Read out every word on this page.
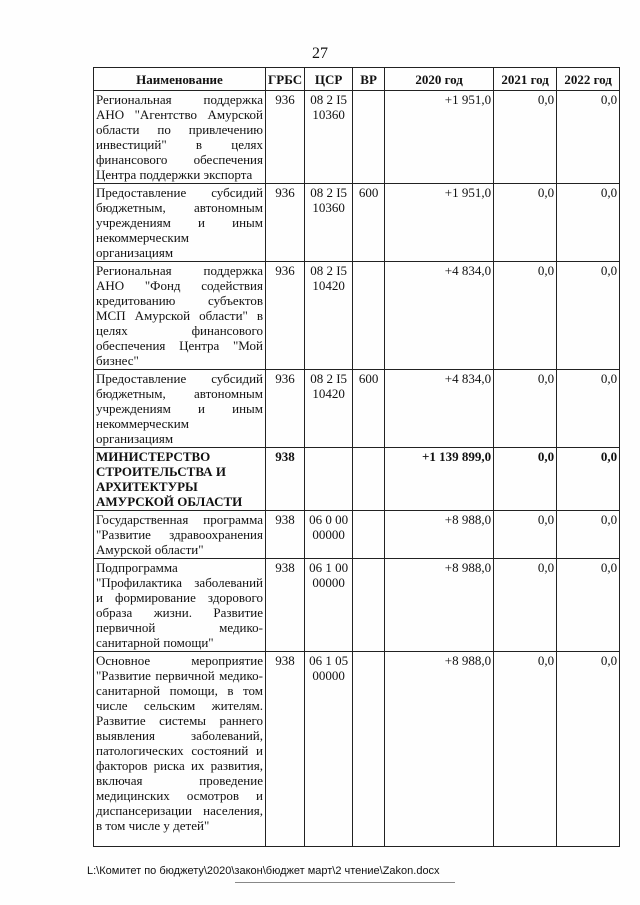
27
Наименование	ГРБС	ЦСР	ВР	2020 год	2021 год	2022 год
Региональная поддержка АНО "Агентство Амурской области по привлечению инвестиций" в целях финансового обеспечения Центра поддержки экспорта	936	08 2 I5 10360		+1 951,0	0,0	0,0
Предоставление субсидий бюджетным, автономным учреждениям и иным некоммерческим организациям	936	08 2 I5 10360	600	+1 951,0	0,0	0,0
Региональная поддержка АНО "Фонд содействия кредитованию субъектов МСП Амурской области" в целях финансового обеспечения Центра "Мой бизнес"	936	08 2 I5 10420		+4 834,0	0,0	0,0
Предоставление субсидий бюджетным, автономным учреждениям и иным некоммерческим организациям	936	08 2 I5 10420	600	+4 834,0	0,0	0,0
МИНИСТЕРСТВО СТРОИТЕЛЬСТВА И АРХИТЕКТУРЫ АМУРСКОЙ ОБЛАСТИ	938			+1 139 899,0	0,0	0,0
Государственная программа "Развитие здравоохранения Амурской области"	938	06 0 00 00000		+8 988,0	0,0	0,0
Подпрограмма "Профилактика заболеваний и формирование здорового образа жизни. Развитие первичной медико-санитарной помощи"	938	06 1 00 00000		+8 988,0	0,0	0,0
Основное мероприятие "Развитие первичной медико-санитарной помощи, в том числе сельским жителям. Развитие системы раннего выявления заболеваний, патологических состояний и факторов риска их развития, включая проведение медицинских осмотров и диспансеризации населения, в том числе у детей"	938	06 1 05 00000		+8 988,0	0,0	0,0
L:\Комитет по бюджету\2020\закон\бюджет март\2 чтение\Zakon.docx
